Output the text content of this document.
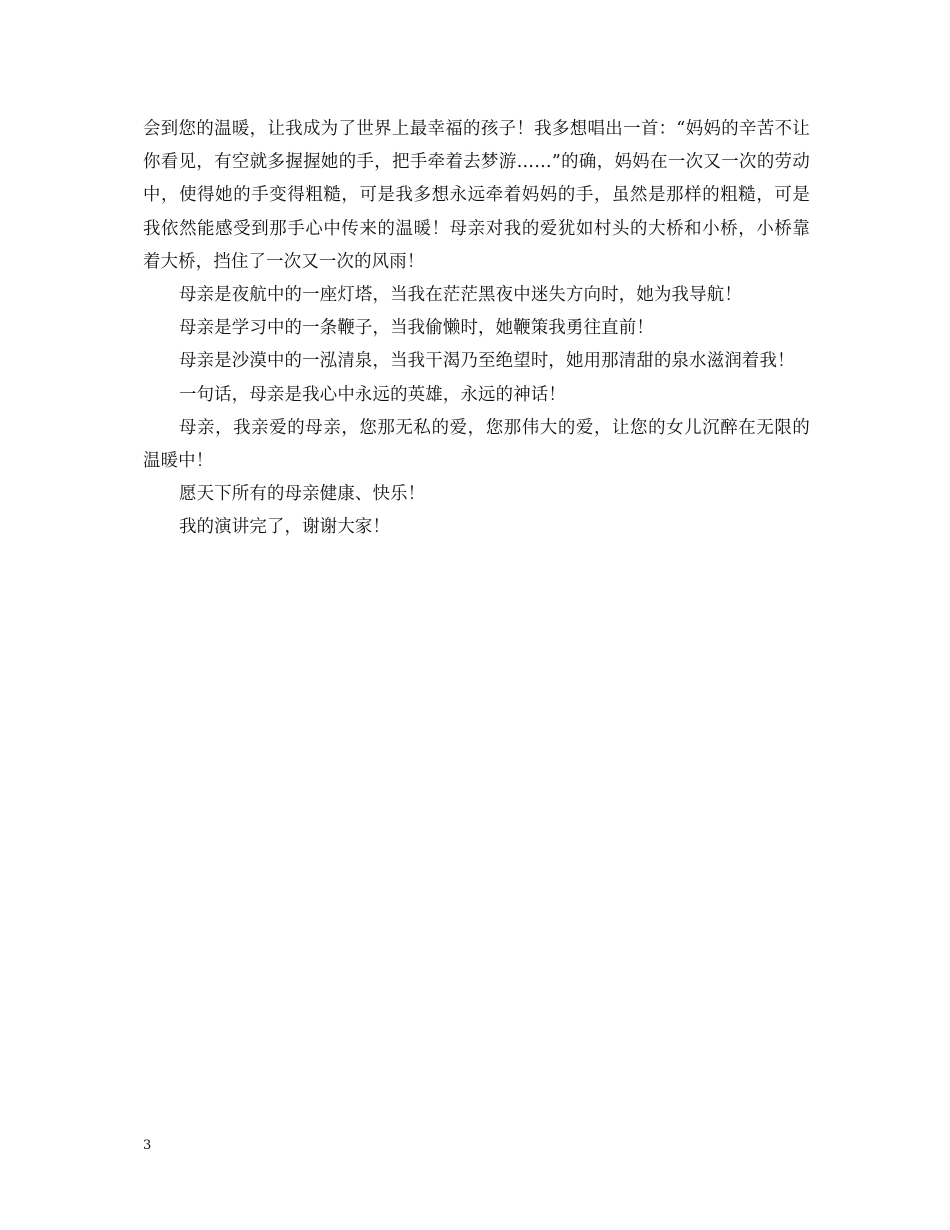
会到您的温暖，让我成为了世界上最幸福的孩子！我多想唱出一首：“妈妈的辛苦不让你看见，有空就多握握她的手，把手牵着去梦游……”的确，妈妈在一次又一次的劳动中，使得她的手变得粗糙，可是我多想永远牵着妈妈的手，虽然是那样的粗糙，可是我依然能感受到那手心中传来的温暖！母亲对我的爱犹如村头的大桥和小桥，小桥靠着大桥，挡住了一次又一次的风雨！

母亲是夜航中的一座灯塔，当我在茫茫黑夜中迷失方向时，她为我导航！

母亲是学习中的一条鞭子，当我偷懒时，她鞭策我勇往直前！

母亲是沙漠中的一泓清泉，当我干渴乃至绝望时，她用那清甜的泉水滋润着我！

一句话，母亲是我心中永远的英雄，永远的神话！

母亲，我亲爱的母亲，您那无私的爱，您那伟大的爱，让您的女儿沉醉在无限的温暖中！

愿天下所有的母亲健康、快乐！

我的演讲完了，谢谢大家！

3
